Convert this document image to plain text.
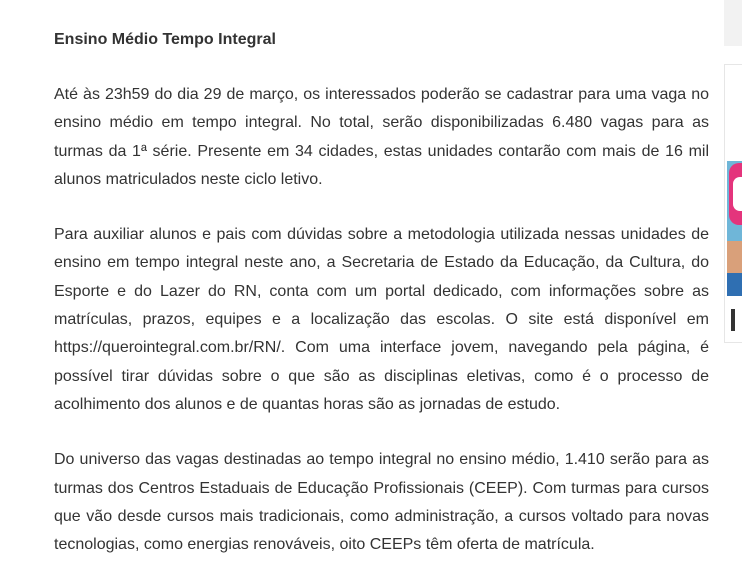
Ensino Médio Tempo Integral

Até às 23h59 do dia 29 de março, os interessados poderão se cadastrar para uma vaga no ensino médio em tempo integral. No total, serão disponibilizadas 6.480 vagas para as turmas da 1ª série. Presente em 34 cidades, estas unidades contarão com mais de 16 mil alunos matriculados neste ciclo letivo.

Para auxiliar alunos e pais com dúvidas sobre a metodologia utilizada nessas unidades de ensino em tempo integral neste ano, a Secretaria de Estado da Educação, da Cultura, do Esporte e do Lazer do RN, conta com um portal dedicado, com informações sobre as matrículas, prazos, equipes e a localização das escolas. O site está disponível em https://querointegral.com.br/RN/. Com uma interface jovem, navegando pela página, é possível tirar dúvidas sobre o que são as disciplinas eletivas, como é o processo de acolhimento dos alunos e de quantas horas são as jornadas de estudo.

Do universo das vagas destinadas ao tempo integral no ensino médio, 1.410 serão para as turmas dos Centros Estaduais de Educação Profissionais (CEEP). Com turmas para cursos que vão desde cursos mais tradicionais, como administração, a cursos voltado para novas tecnologias, como energias renováveis, oito CEEPs têm oferta de matrícula.
